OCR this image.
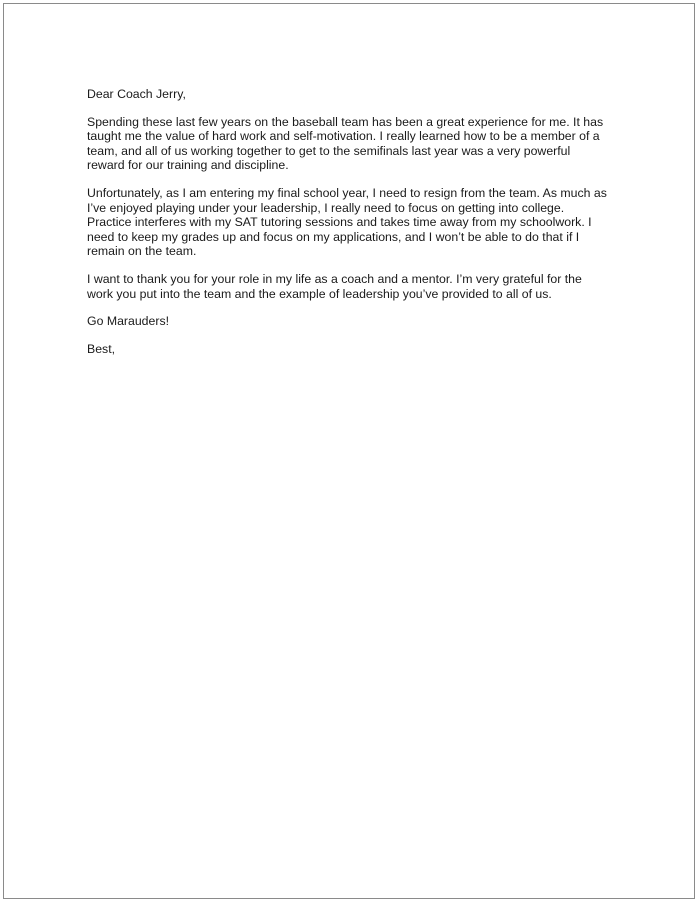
Dear Coach Jerry,

Spending these last few years on the baseball team has been a great experience for me. It has
taught me the value of hard work and self-motivation. I really learned how to be a member of a
team, and all of us working together to get to the semifinals last year was a very powerful
reward for our training and discipline.

Unfortunately, as I am entering my final school year, I need to resign from the team. As much as
I’ve enjoyed playing under your leadership, I really need to focus on getting into college.
Practice interferes with my SAT tutoring sessions and takes time away from my schoolwork. I
need to keep my grades up and focus on my applications, and I won’t be able to do that if I
remain on the team.

I want to thank you for your role in my life as a coach and a mentor. I’m very grateful for the
work you put into the team and the example of leadership you’ve provided to all of us.

Go Marauders!

Best,
